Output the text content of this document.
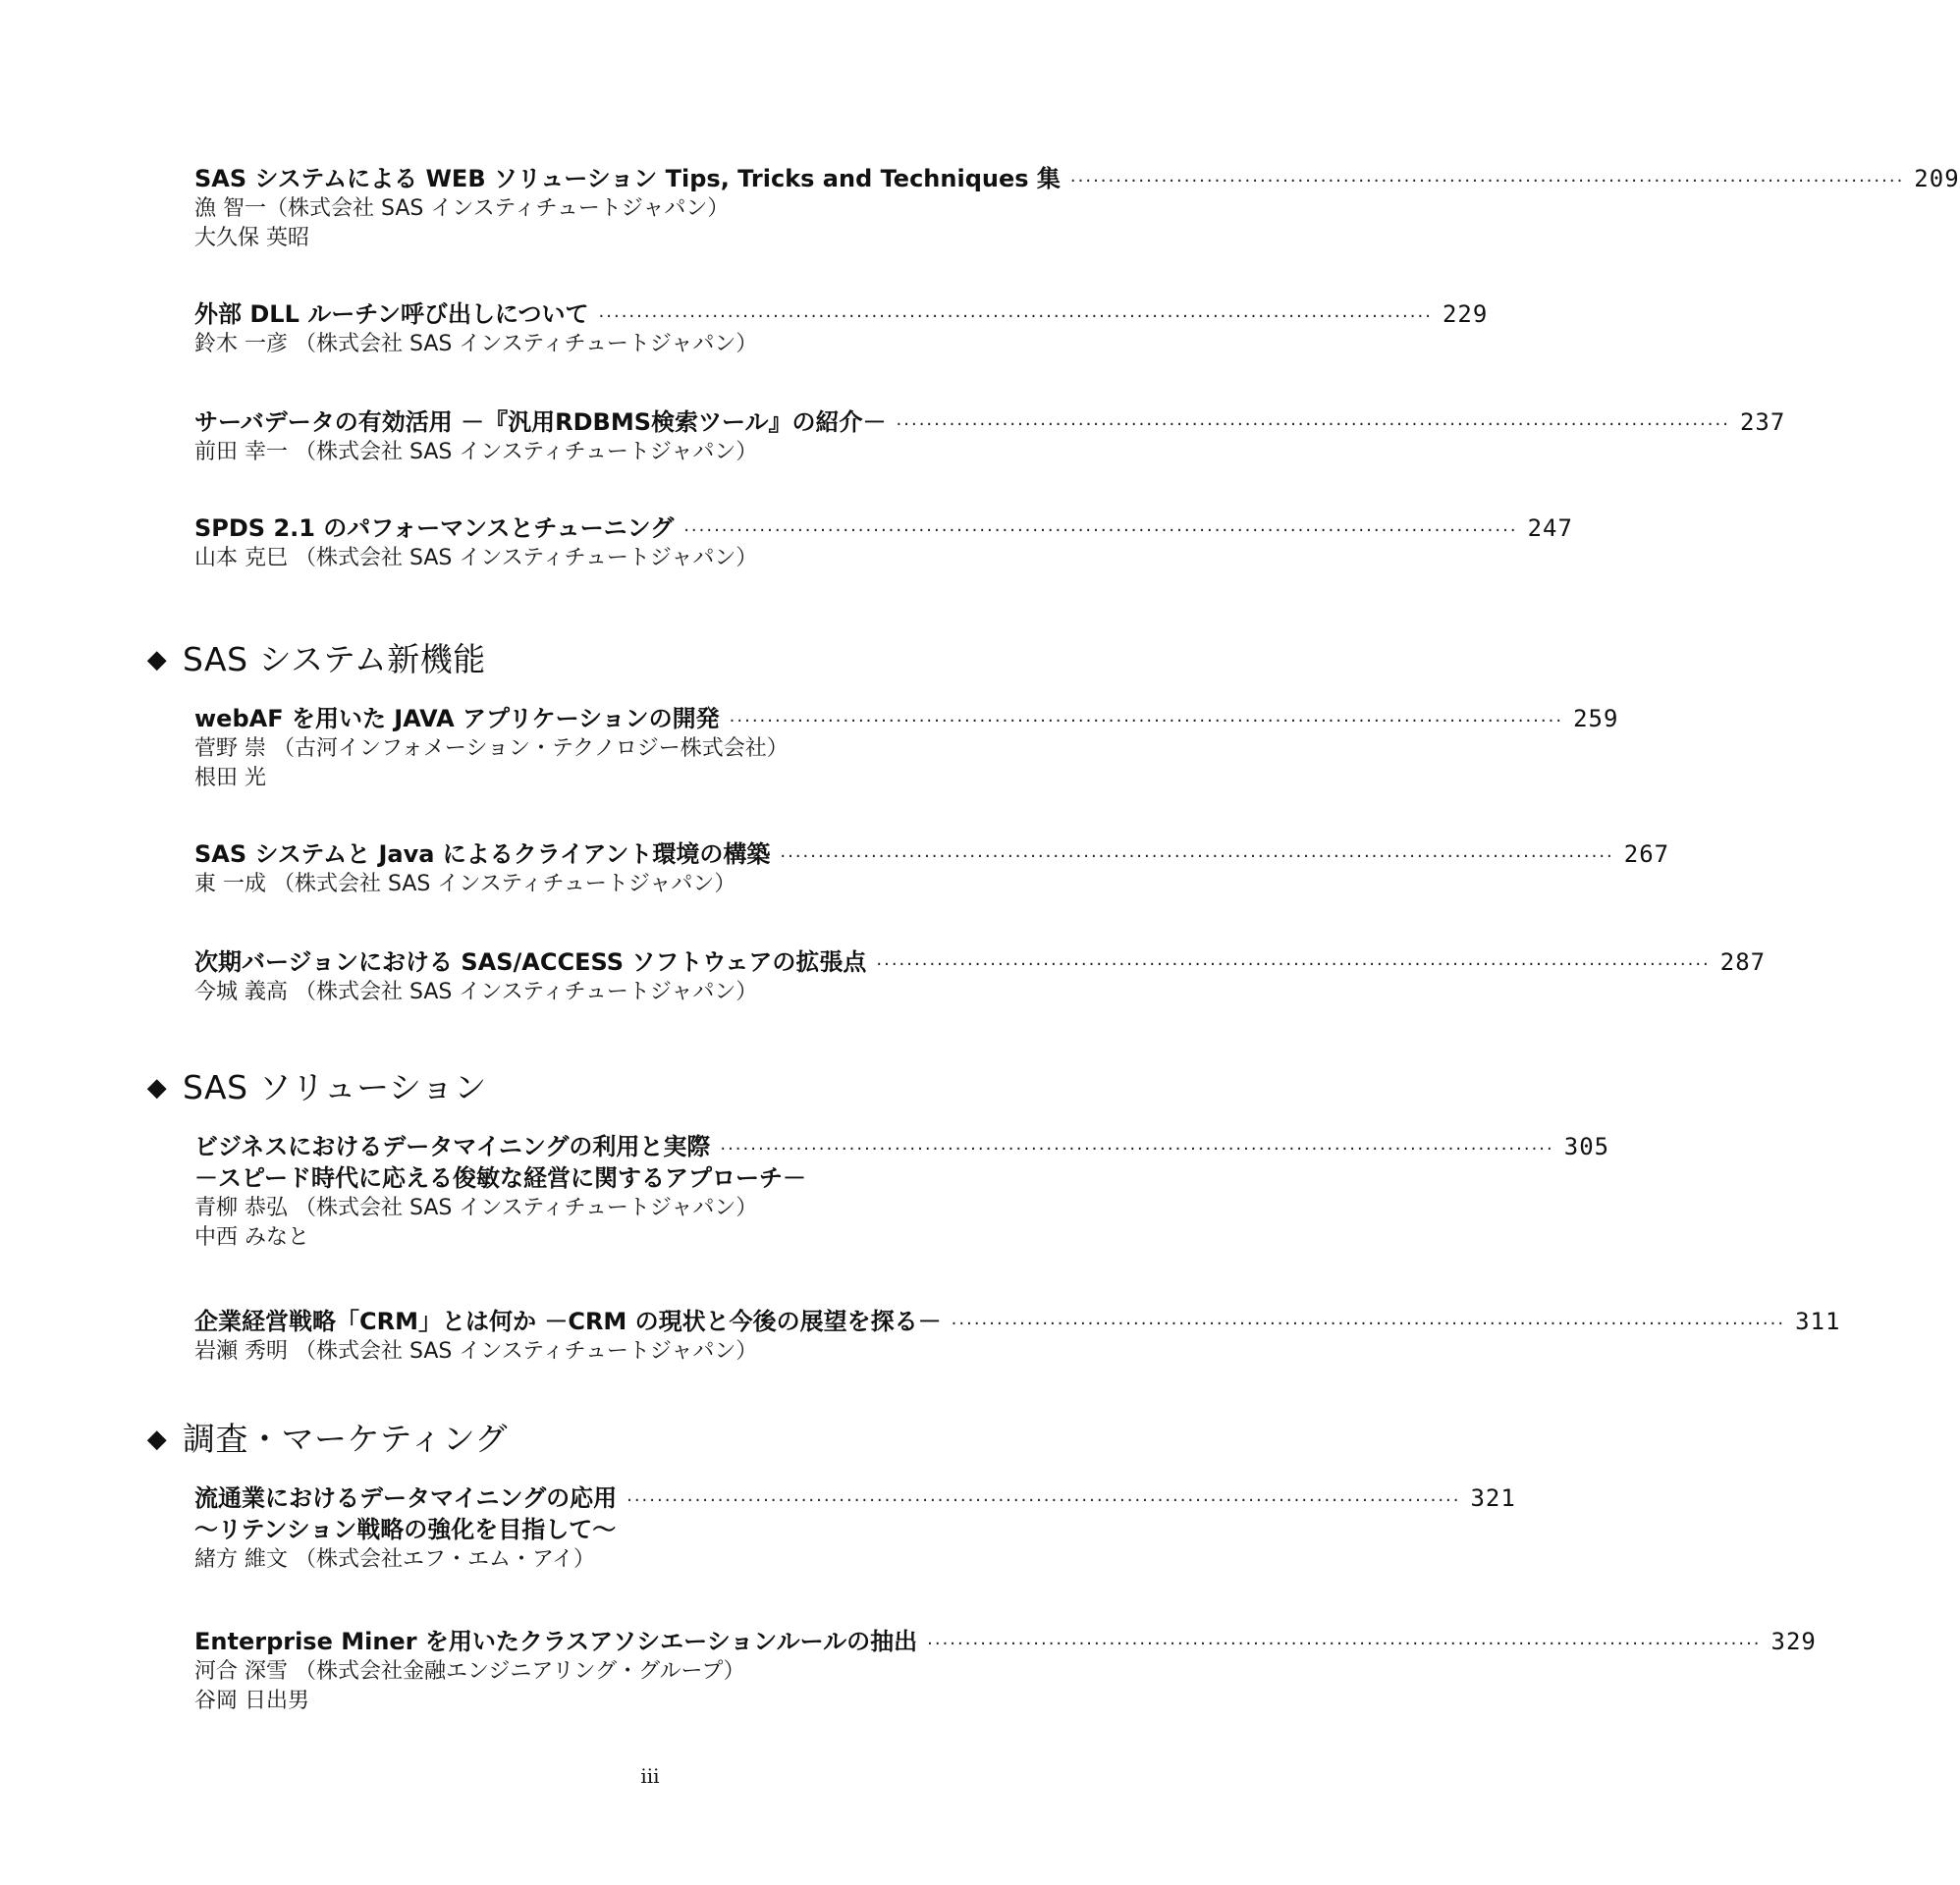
SAS システムによる WEB ソリューション Tips, Tricks and Techniques 集 ·············································································································· 209
漁 智一（株式会社 SAS インスティチュートジャパン）
大久保 英昭
外部 DLL ルーチン呼び出しについて ·············································································································· 229
鈴木 一彦 （株式会社 SAS インスティチュートジャパン）
サーバデータの有効活用 －『汎用RDBMS検索ツール』の紹介－ ·············································································································· 237
前田 幸一 （株式会社 SAS インスティチュートジャパン）
SPDS 2.1 のパフォーマンスとチューニング ·············································································································· 247
山本 克巳 （株式会社 SAS インスティチュートジャパン）
◆ SAS システム新機能
webAF を用いた JAVA アプリケーションの開発 ·············································································································· 259
菅野 崇 （古河インフォメーション・テクノロジー株式会社）
根田 光
SAS システムと Java によるクライアント環境の構築 ·············································································································· 267
東 一成 （株式会社 SAS インスティチュートジャパン）
次期バージョンにおける SAS/ACCESS ソフトウェアの拡張点 ·············································································································· 287
今城 義高 （株式会社 SAS インスティチュートジャパン）
◆ SAS ソリューション
ビジネスにおけるデータマイニングの利用と実際 ·············································································································· 305
－スピード時代に応える俊敏な経営に関するアプローチ－
青柳 恭弘 （株式会社 SAS インスティチュートジャパン）
中西 みなと
企業経営戦略「CRM」とは何か －CRM の現状と今後の展望を探る－ ·············································································································· 311
岩瀬 秀明 （株式会社 SAS インスティチュートジャパン）
◆ 調査・マーケティング
流通業におけるデータマイニングの応用 ·············································································································· 321
～リテンション戦略の強化を目指して～
緒方 維文 （株式会社エフ・エム・アイ）
Enterprise Miner を用いたクラスアソシエーションルールの抽出 ·············································································································· 329
河合 深雪 （株式会社金融エンジニアリング・グループ）
谷岡 日出男
iii
